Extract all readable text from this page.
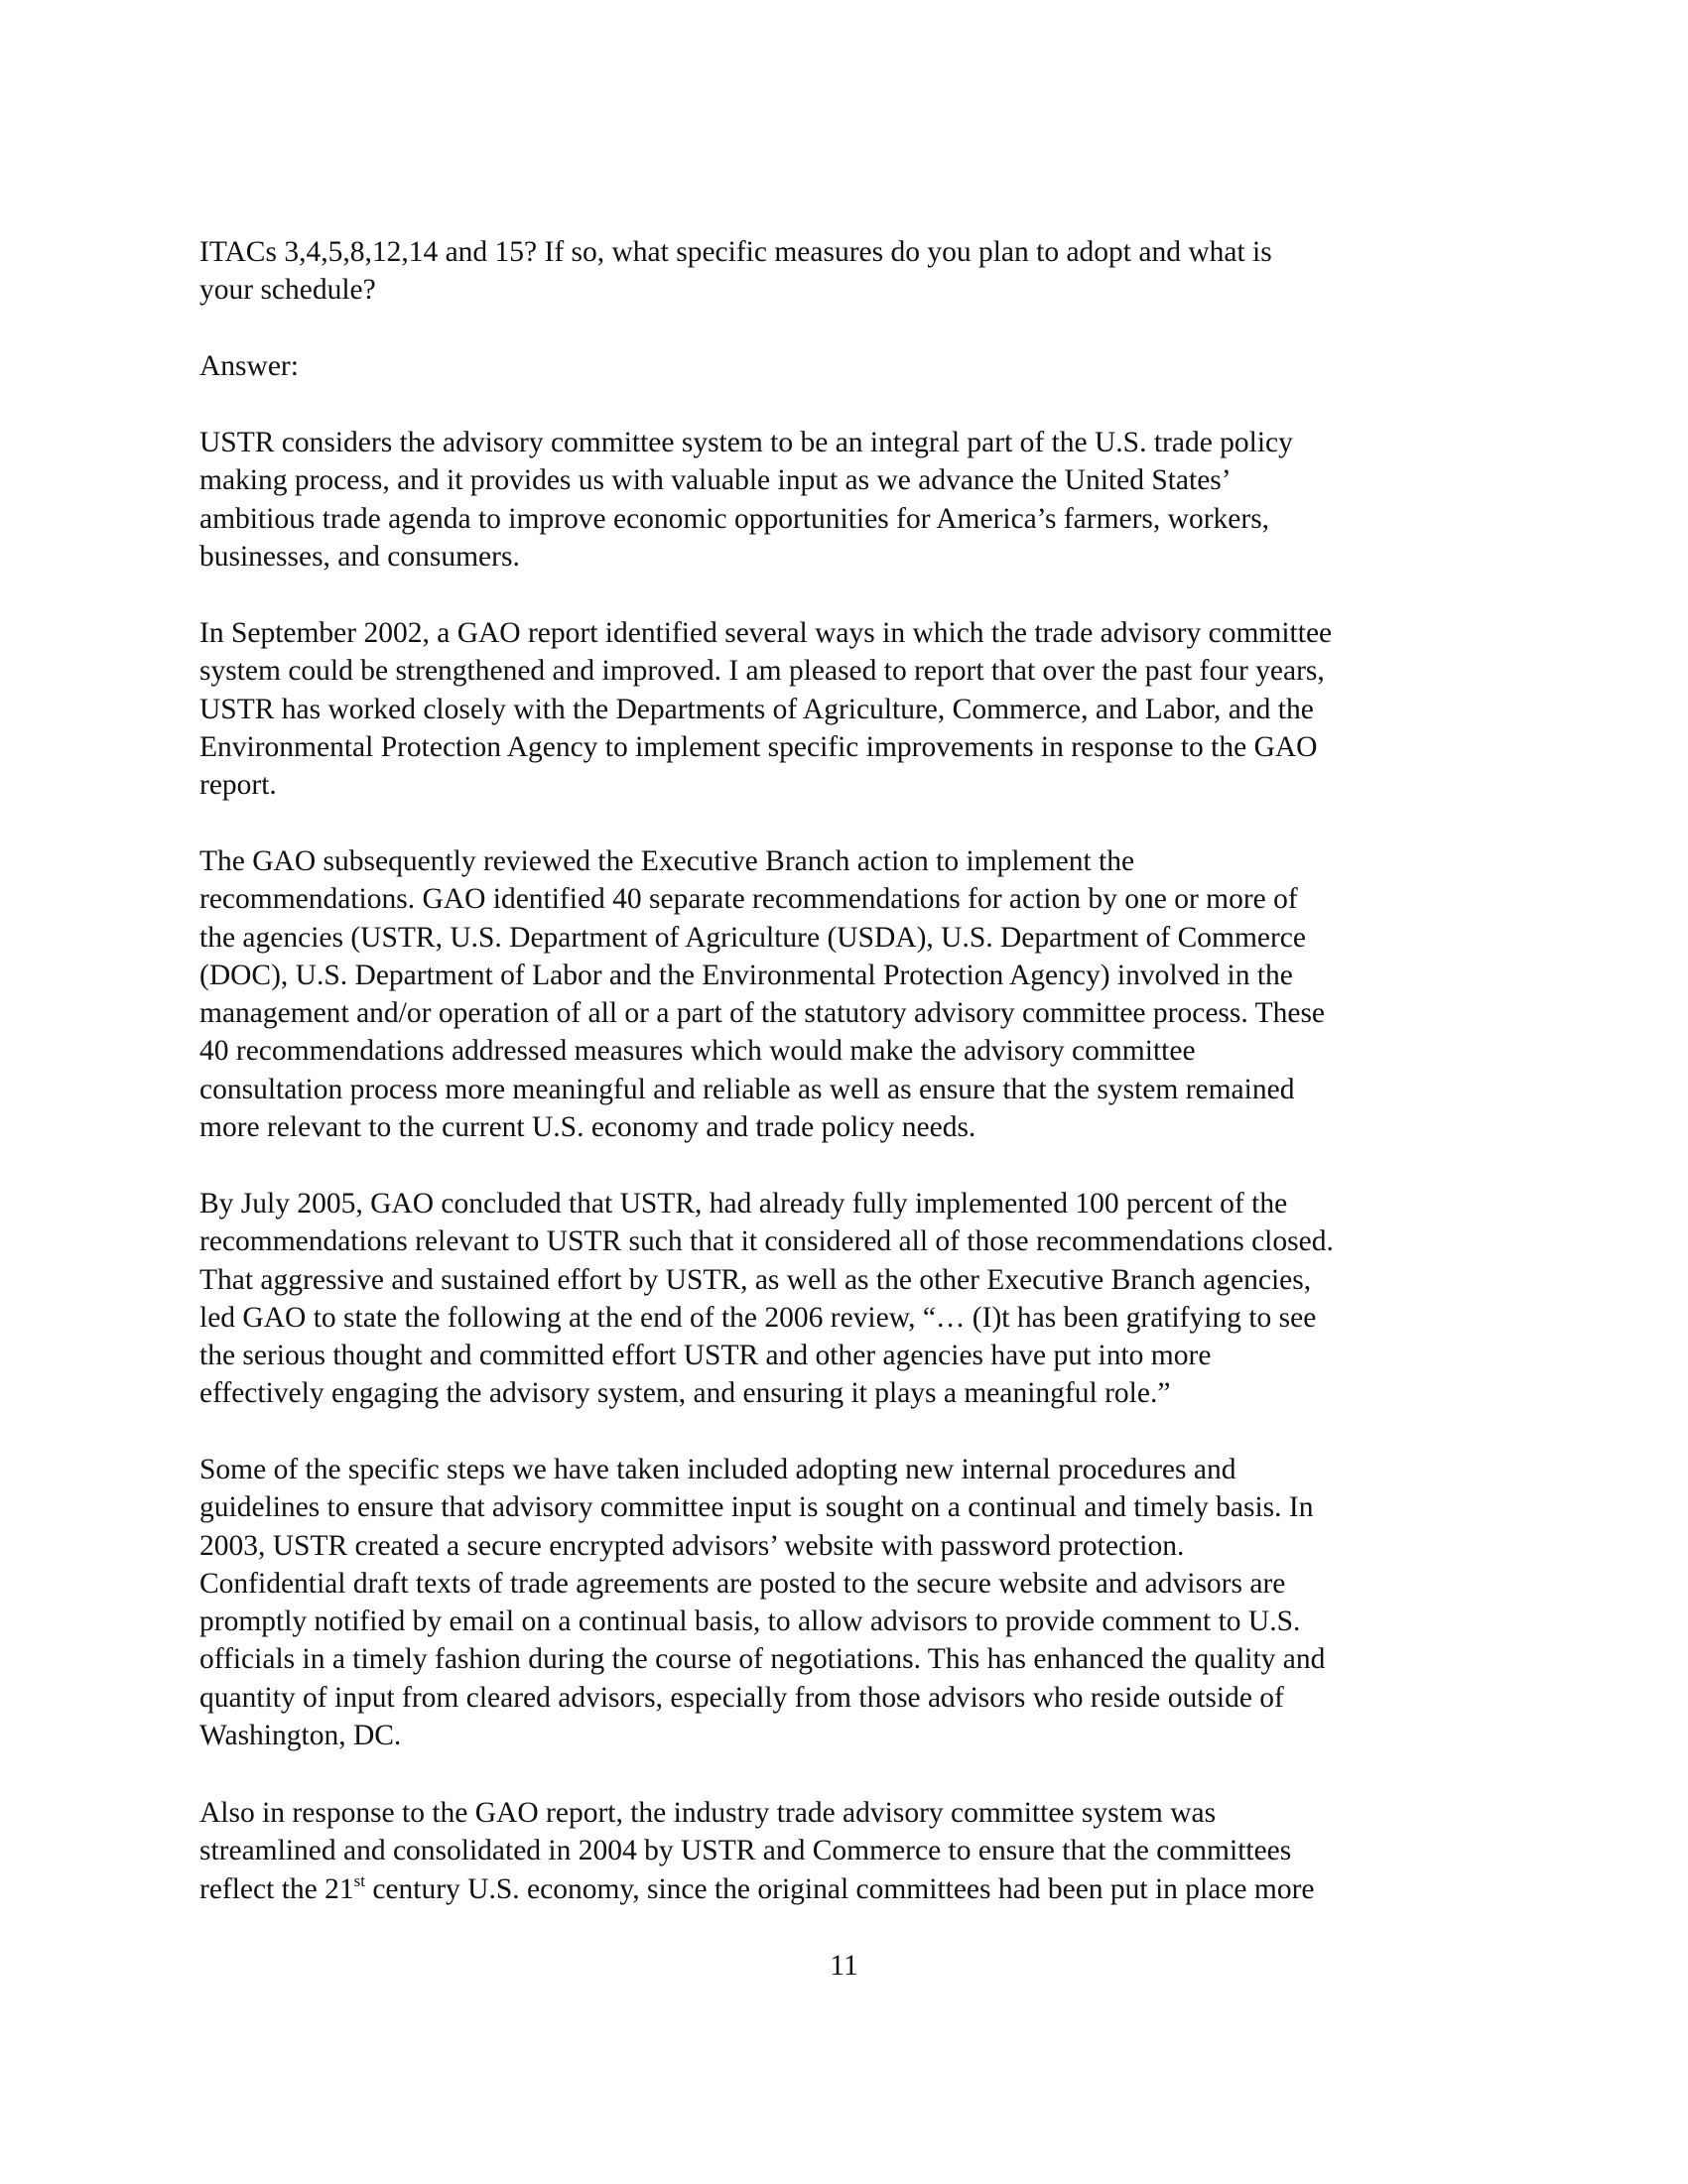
ITACs 3,4,5,8,12,14 and 15? If so, what specific measures do you plan to adopt and what is
your schedule?
Answer:
USTR considers the advisory committee system to be an integral part of the U.S. trade policy
making process, and it provides us with valuable input as we advance the United States’
ambitious trade agenda to improve economic opportunities for America’s farmers, workers,
businesses, and consumers.
In September 2002, a GAO report identified several ways in which the trade advisory committee
system could be strengthened and improved. I am pleased to report that over the past four years,
USTR has worked closely with the Departments of Agriculture, Commerce, and Labor, and the
Environmental Protection Agency to implement specific improvements in response to the GAO
report.
The GAO subsequently reviewed the Executive Branch action to implement the
recommendations. GAO identified 40 separate recommendations for action by one or more of
the agencies (USTR, U.S. Department of Agriculture (USDA), U.S. Department of Commerce
(DOC), U.S. Department of Labor and the Environmental Protection Agency) involved in the
management and/or operation of all or a part of the statutory advisory committee process. These
40 recommendations addressed measures which would make the advisory committee
consultation process more meaningful and reliable as well as ensure that the system remained
more relevant to the current U.S. economy and trade policy needs.
By July 2005, GAO concluded that USTR, had already fully implemented 100 percent of the
recommendations relevant to USTR such that it considered all of those recommendations closed.
That aggressive and sustained effort by USTR, as well as the other Executive Branch agencies,
led GAO to state the following at the end of the 2006 review, “… (I)t has been gratifying to see
the serious thought and committed effort USTR and other agencies have put into more
effectively engaging the advisory system, and ensuring it plays a meaningful role.”
Some of the specific steps we have taken included adopting new internal procedures and
guidelines to ensure that advisory committee input is sought on a continual and timely basis. In
2003, USTR created a secure encrypted advisors’ website with password protection.
Confidential draft texts of trade agreements are posted to the secure website and advisors are
promptly notified by email on a continual basis, to allow advisors to provide comment to U.S.
officials in a timely fashion during the course of negotiations. This has enhanced the quality and
quantity of input from cleared advisors, especially from those advisors who reside outside of
Washington, DC.
Also in response to the GAO report, the industry trade advisory committee system was
streamlined and consolidated in 2004 by USTR and Commerce to ensure that the committees
reflect the 21st century U.S. economy, since the original committees had been put in place more
11
